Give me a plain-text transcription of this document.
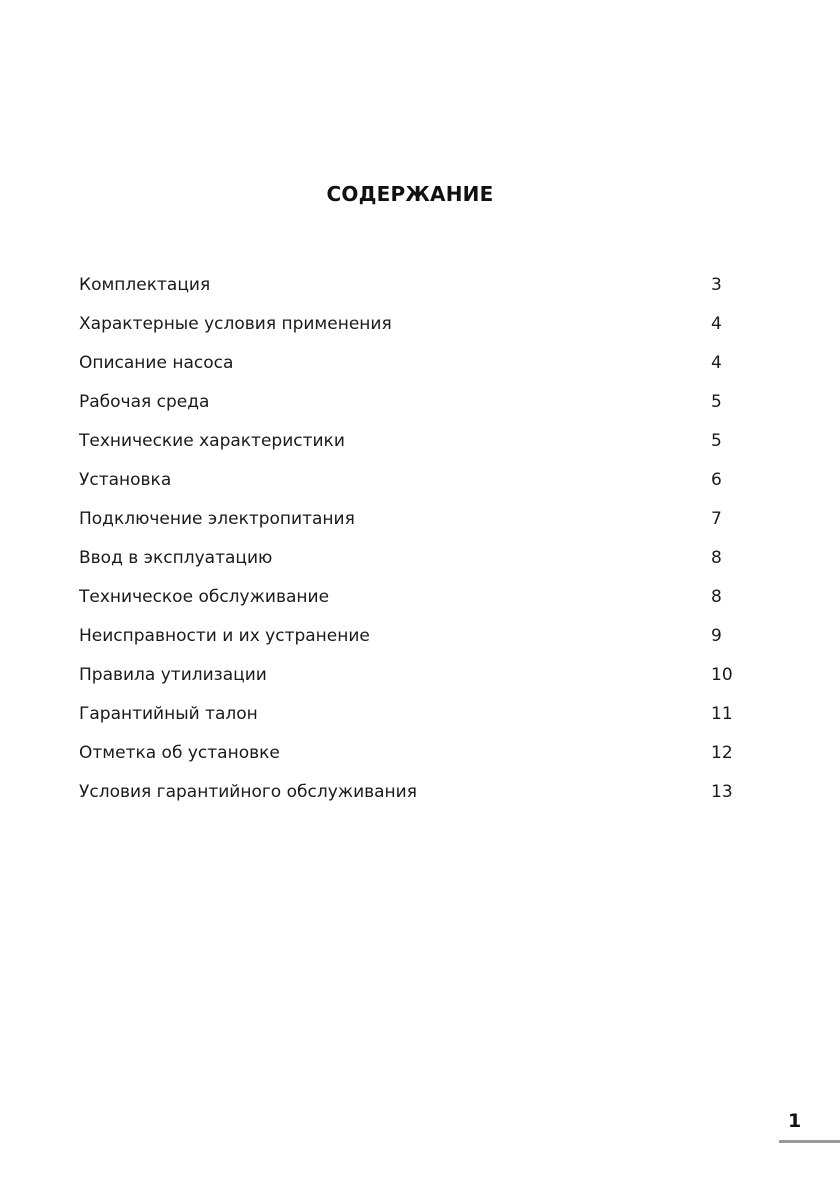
СОДЕРЖАНИЕ
Комплектация	3
Характерные условия применения	4
Описание насоса	4
Рабочая среда	5
Технические характеристики	5
Установка	6
Подключение электропитания	7
Ввод в эксплуатацию	8
Техническое обслуживание	8
Неисправности и их устранение	9
Правила утилизации	10
Гарантийный талон	11
Отметка об установке	12
Условия гарантийного обслуживания	13
1
